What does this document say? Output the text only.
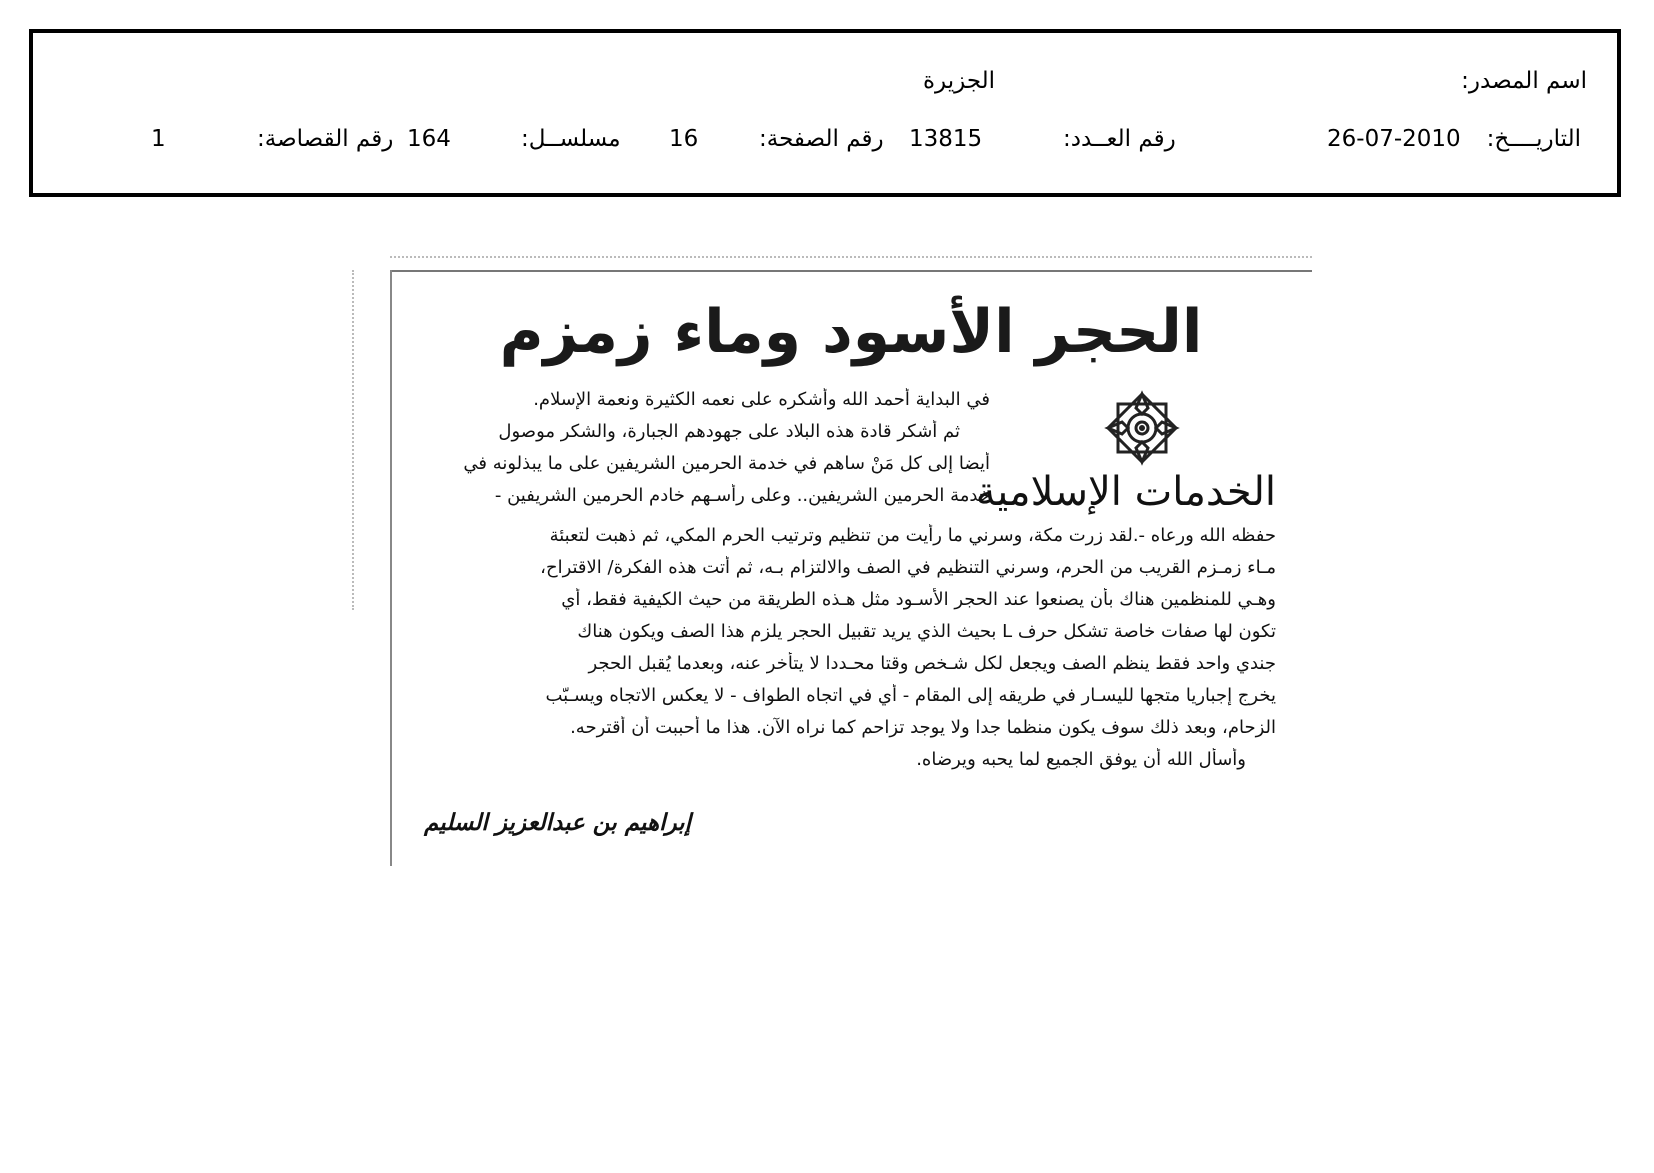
اسم المصدر:
الجزيرة
التاريــــخ:
26-07-2010
رقم العــدد:
13815
رقم الصفحة:
16
مسلســل:
164
رقم القصاصة:
1
الحجر الأسود وماء زمزم
الخدمات الإسلامية
في البداية أحمد الله وأشكره على نعمه الكثيرة ونعمة الإسلام.
ثم أشكر قادة هذه البلاد على جهودهم الجبارة، والشكر موصول
أيضا إلى كل مَنْ ساهم في خدمة الحرمين الشريفين على ما يبذلونه في
خدمة الحرمين الشريفين.. وعلى رأسـهم خادم الحرمين الشريفين -
حفظه الله ورعاه -.لقد زرت مكة، وسرني ما رأيت من تنظيم وترتيب الحرم المكي، ثم ذهبت لتعبئة
مـاء زمـزم القريب من الحرم، وسرني التنظيم في الصف والالتزام بـه، ثم أتت هذه الفكرة/ الاقتراح،
وهـي للمنظمين هناك بأن يصنعوا عند الحجر الأسـود مثل هـذه الطريقة من حيث الكيفية فقط، أي
تكون لها صفات خاصة تشكل حرف L بحيث الذي يريد تقبيل الحجر يلزم هذا الصف ويكون هناك
جندي واحد فقط ينظم الصف ويجعل لكل شـخص وقتا محـددا لا يتأخر عنه، وبعدما يُقبل الحجر
يخرج إجباريا متجها لليسـار في طريقه إلى المقام - أي في اتجاه الطواف - لا يعكس الاتجاه ويسـبّب
الزحام، وبعد ذلك سوف يكون منظما جدا ولا يوجد تزاحم كما نراه الآن. هذا ما أحببت أن أقترحه.
وأسأل الله أن يوفق الجميع لما يحبه ويرضاه.
إبراهيم بن عبدالعزيز السليم
